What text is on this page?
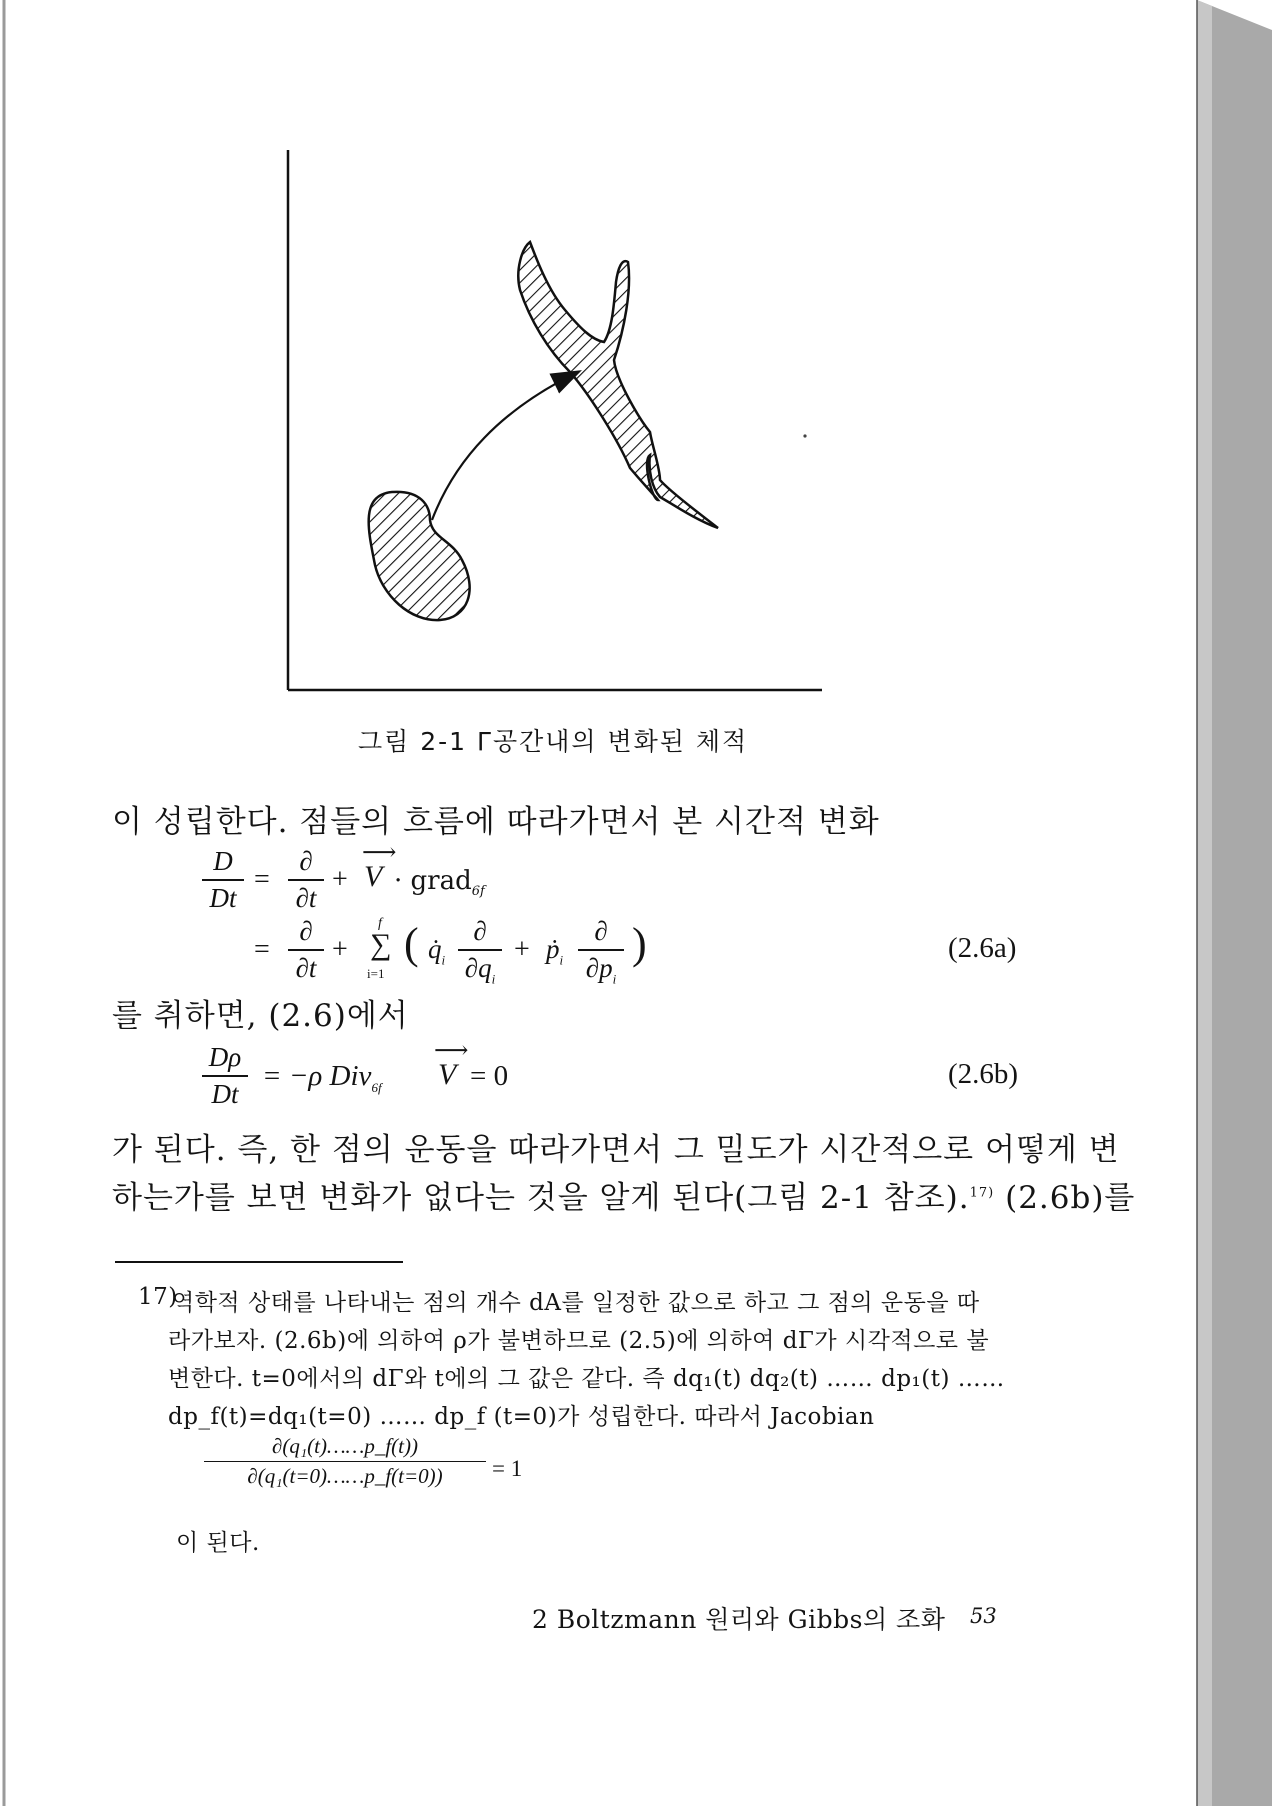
그림 2-1 Γ공간내의 변화된 체적
이 성립한다. 점들의 흐름에 따라가면서 본 시간적 변화
D
Dt
=
∂
∂t
+
⟶
V · grad$_{6f}$
=
∂
∂t
+
f
∑
i=1
( $q̇_i$
∂
$\partial q_i$
+ ṗ$_i$
∂
$\partial p_i$
)	(2.6a)
를 취하면, (2.6)에서
Dρ
Dt
= −ρ Div$_{6f}$
⟶
V = 0	(2.6b)
가 된다. 즉, 한 점의 운동을 따라가면서 그 밀도가 시간적으로 어떻게 변
하는가를 보면 변화가 없다는 것을 알게 된다(그림 2-1 참조).$^{17)}$ (2.6b)를
17)
역학적 상태를 나타내는 점의 개수 dA를 일정한 값으로 하고 그 점의 운동을 따
라가보자. (2.6b)에 의하여 ρ가 불변하므로 (2.5)에 의하여 dΓ가 시각적으로 불
변한다. t=0에서의 dΓ와 t에의 그 값은 같다. 즉 dq₁(t) dq₂(t) …… dp₁(t) ……
dp_f(t)=dq₁(t=0) …… dp_f (t=0)가 성립한다. 따라서 Jacobian
∂(q₁(t)……p_f(t))
∂(q₁(t=0)……p_f(t=0))	= 1
이 된다.
2 Boltzmann 원리와 Gibbs의 조화 53
